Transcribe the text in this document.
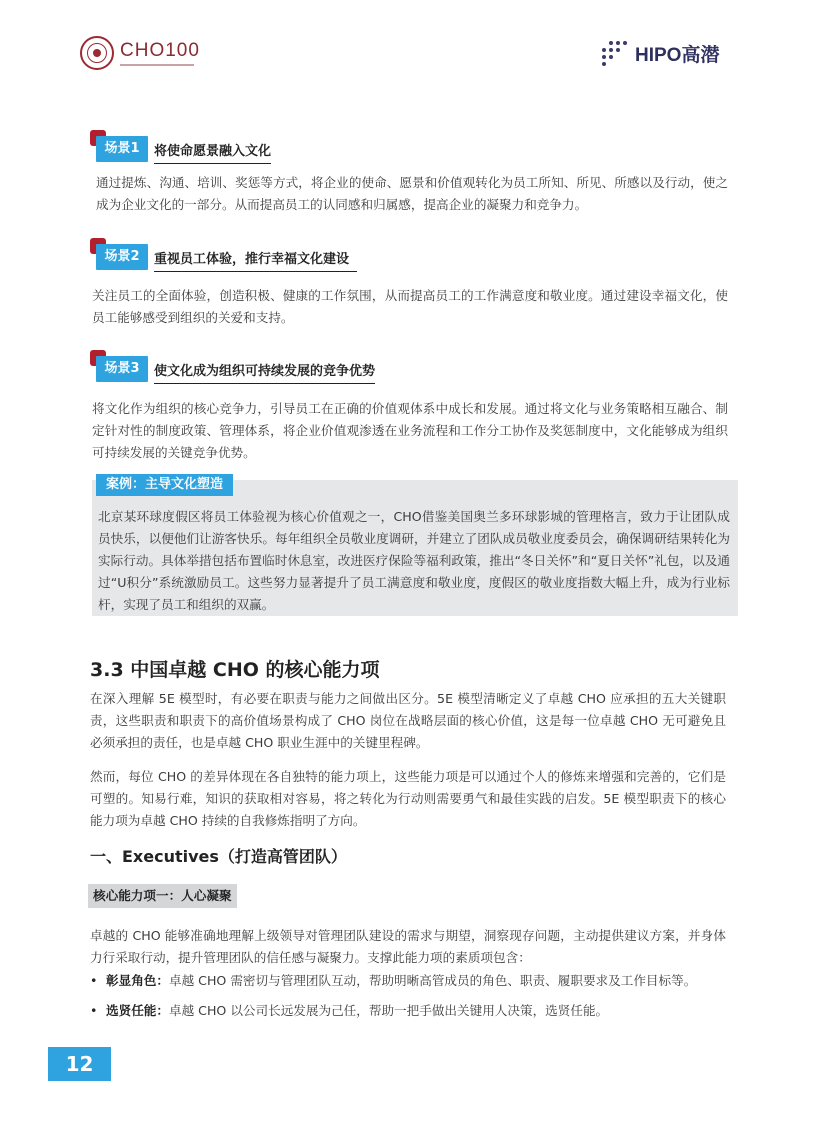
CHO100	HIPO高潜
场景1	将使命愿景融入文化
通过提炼、沟通、培训、奖惩等方式，将企业的使命、愿景和价值观转化为员工所知、所见、所感以及行动，使之成为企业文化的一部分。从而提高员工的认同感和归属感，提高企业的凝聚力和竞争力。
场景2	重视员工体验，推行幸福文化建设
关注员工的全面体验，创造积极、健康的工作氛围，从而提高员工的工作满意度和敬业度。通过建设幸福文化，使员工能够感受到组织的关爱和支持。
场景3	使文化成为组织可持续发展的竞争优势
将文化作为组织的核心竞争力，引导员工在正确的价值观体系中成长和发展。通过将文化与业务策略相互融合、制定针对性的制度政策、管理体系，将企业价值观渗透在业务流程和工作分工协作及奖惩制度中，文化能够成为组织可持续发展的关键竞争优势。
北京某环球度假区将员工体验视为核心价值观之一，CHO借鉴美国奥兰多环球影城的管理格言，致力于让团队成员快乐，以便他们让游客快乐。每年组织全员敬业度调研，并建立了团队成员敬业度委员会，确保调研结果转化为实际行动。具体举措包括布置临时休息室，改进医疗保险等福利政策，推出“冬日关怀”和“夏日关怀”礼包，以及通过“U积分”系统激励员工。这些努力显著提升了员工满意度和敬业度，度假区的敬业度指数大幅上升，成为行业标杆，实现了员工和组织的双赢。
案例：主导文化塑造
3.3 中国卓越 CHO 的核心能力项
在深入理解 5E 模型时，有必要在职责与能力之间做出区分。5E 模型清晰定义了卓越 CHO 应承担的五大关键职责，这些职责和职责下的高价值场景构成了 CHO 岗位在战略层面的核心价值，这是每一位卓越 CHO 无可避免且必须承担的责任，也是卓越 CHO 职业生涯中的关键里程碑。
然而，每位 CHO 的差异体现在各自独特的能力项上，这些能力项是可以通过个人的修炼来增强和完善的，它们是可塑的。知易行难，知识的获取相对容易，将之转化为行动则需要勇气和最佳实践的启发。5E 模型职责下的核心能力项为卓越 CHO 持续的自我修炼指明了方向。
一、Executives（打造高管团队）
核心能力项一：人心凝聚
卓越的 CHO 能够准确地理解上级领导对管理团队建设的需求与期望，洞察现存问题，主动提供建议方案，并身体力行采取行动，提升管理团队的信任感与凝聚力。支撑此能力项的素质项包含：
• 彰显角色：卓越 CHO 需密切与管理团队互动，帮助明晰高管成员的角色、职责、履职要求及工作目标等。
• 选贤任能：卓越 CHO 以公司长远发展为己任，帮助一把手做出关键用人决策，选贤任能。
12
